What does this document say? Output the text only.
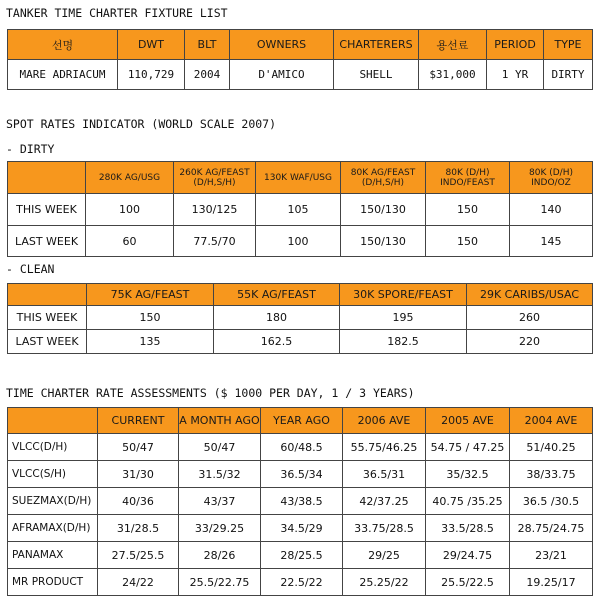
TANKER TIME CHARTER FIXTURE LIST
선명	DWT	BLT	OWNERS	CHARTERERS	용선료	PERIOD	TYPE
MARE ADRIACUM	110,729	2004	D'AMICO	SHELL	$31,000	1 YR	DIRTY
SPOT RATES INDICATOR (WORLD SCALE 2007)
- DIRTY
	280K AG/USG	260K AG/FEAST (D/H,S/H)	130K WAF/USG	80K AG/FEAST (D/H,S/H)	80K (D/H) INDO/FEAST	80K (D/H) INDO/OZ
THIS WEEK	100	130/125	105	150/130	150	140
LAST WEEK	60	77.5/70	100	150/130	150	145
- CLEAN
	75K AG/FEAST	55K AG/FEAST	30K SPORE/FEAST	29K CARIBS/USAC
THIS WEEK	150	180	195	260
LAST WEEK	135	162.5	182.5	220
TIME CHARTER RATE ASSESSMENTS ($ 1000 PER DAY, 1 / 3 YEARS)
	CURRENT	A MONTH AGO	YEAR AGO	2006 AVE	2005 AVE	2004 AVE
VLCC(D/H)	50/47	50/47	60/48.5	55.75/46.25	54.75 / 47.25	51/40.25
VLCC(S/H)	31/30	31.5/32	36.5/34	36.5/31	35/32.5	38/33.75
SUEZMAX(D/H)	40/36	43/37	43/38.5	42/37.25	40.75 /35.25	36.5 /30.5
AFRAMAX(D/H)	31/28.5	33/29.25	34.5/29	33.75/28.5	33.5/28.5	28.75/24.75
PANAMAX	27.5/25.5	28/26	28/25.5	29/25	29/24.75	23/21
MR PRODUCT	24/22	25.5/22.75	22.5/22	25.25/22	25.5/22.5	19.25/17
